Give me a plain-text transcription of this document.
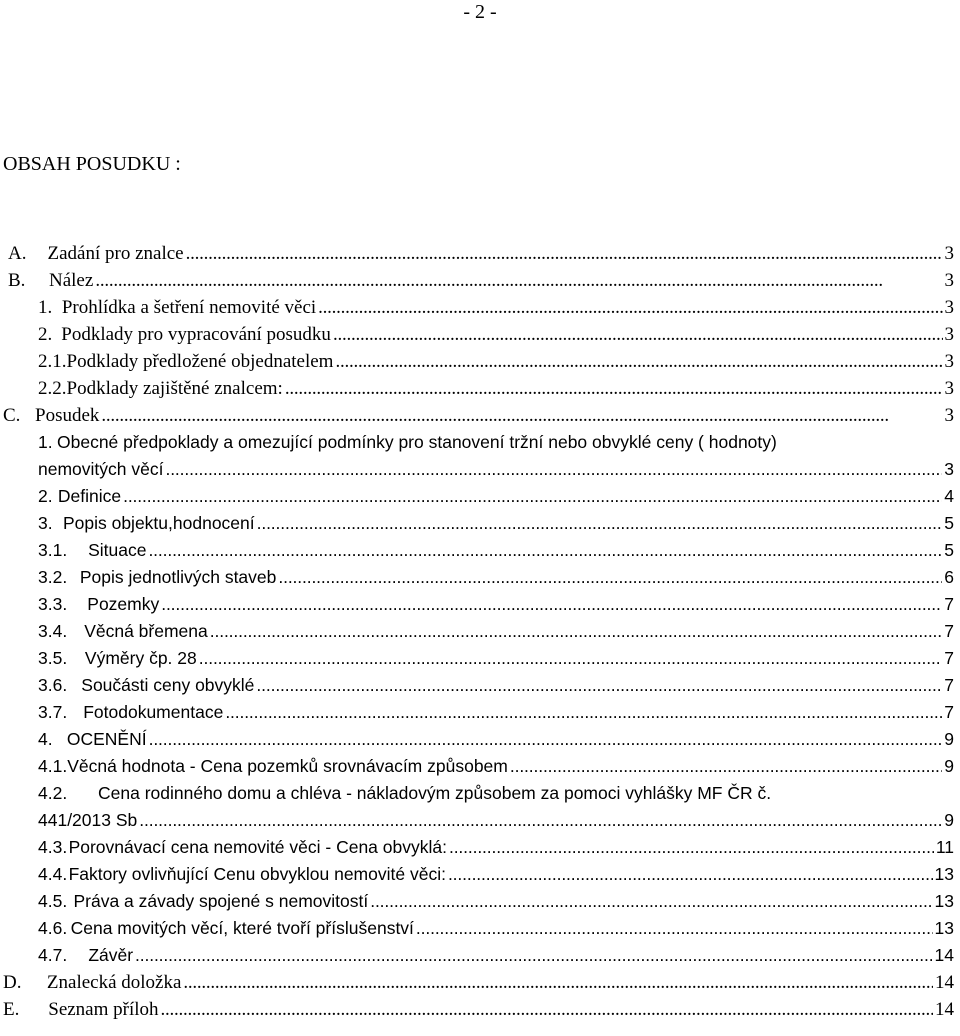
- 2 -
OBSAH POSUDKU :
A.	Zadání pro znalce . . .	3
B.	Nález . . .	3
1. Prohlídka a šetření nemovité věci . . .	3
2. Podklady pro vypracování posudku . . .	3
2.1. Podklady předložené objednatelem . . .	3
2.2. Podklady zajištěné znalcem: . . .	3
C. Posudek . . .	3
1. Obecné předpoklady a omezující podmínky pro stanovení tržní nebo obvyklé ceny ( hodnoty)
nemovitých věcí . . .	3
2. Definice . . .	4
3. Popis objektu,hodnocení . . .	5
3.1.	Situace . . .	5
3.2. Popis jednotlivých staveb . . .	6
3.3.	Pozemky . . .	7
3.4. Věcná břemena . . .	7
3.5.	Výměry čp. 28 . . .	7
3.6. Součásti ceny obvyklé . . .	7
3.7. Fotodokumentace . . .	7
4. OCENĚNÍ . . .	9
4.1. Věcná hodnota - Cena pozemků srovnávacím způsobem . . .	9
4.2. Cena rodinného domu a chléva - nákladovým způsobem za pomoci vyhlášky MF ČR č.
441/2013 Sb . . .	9
4.3. Porovnávací cena nemovité věci - Cena obvyklá: . . .	11
4.4. Faktory ovlivňující Cenu obvyklou nemovité věci: . . .	13
4.5. Práva a závady spojené s nemovitostí . . .	13
4.6. Cena movitých věcí, které tvoří příslušenství . . .	13
4.7.	Závěr . . .	14
D.	Znalecká doložka . . .	14
E.	Seznam příloh . . .	14
